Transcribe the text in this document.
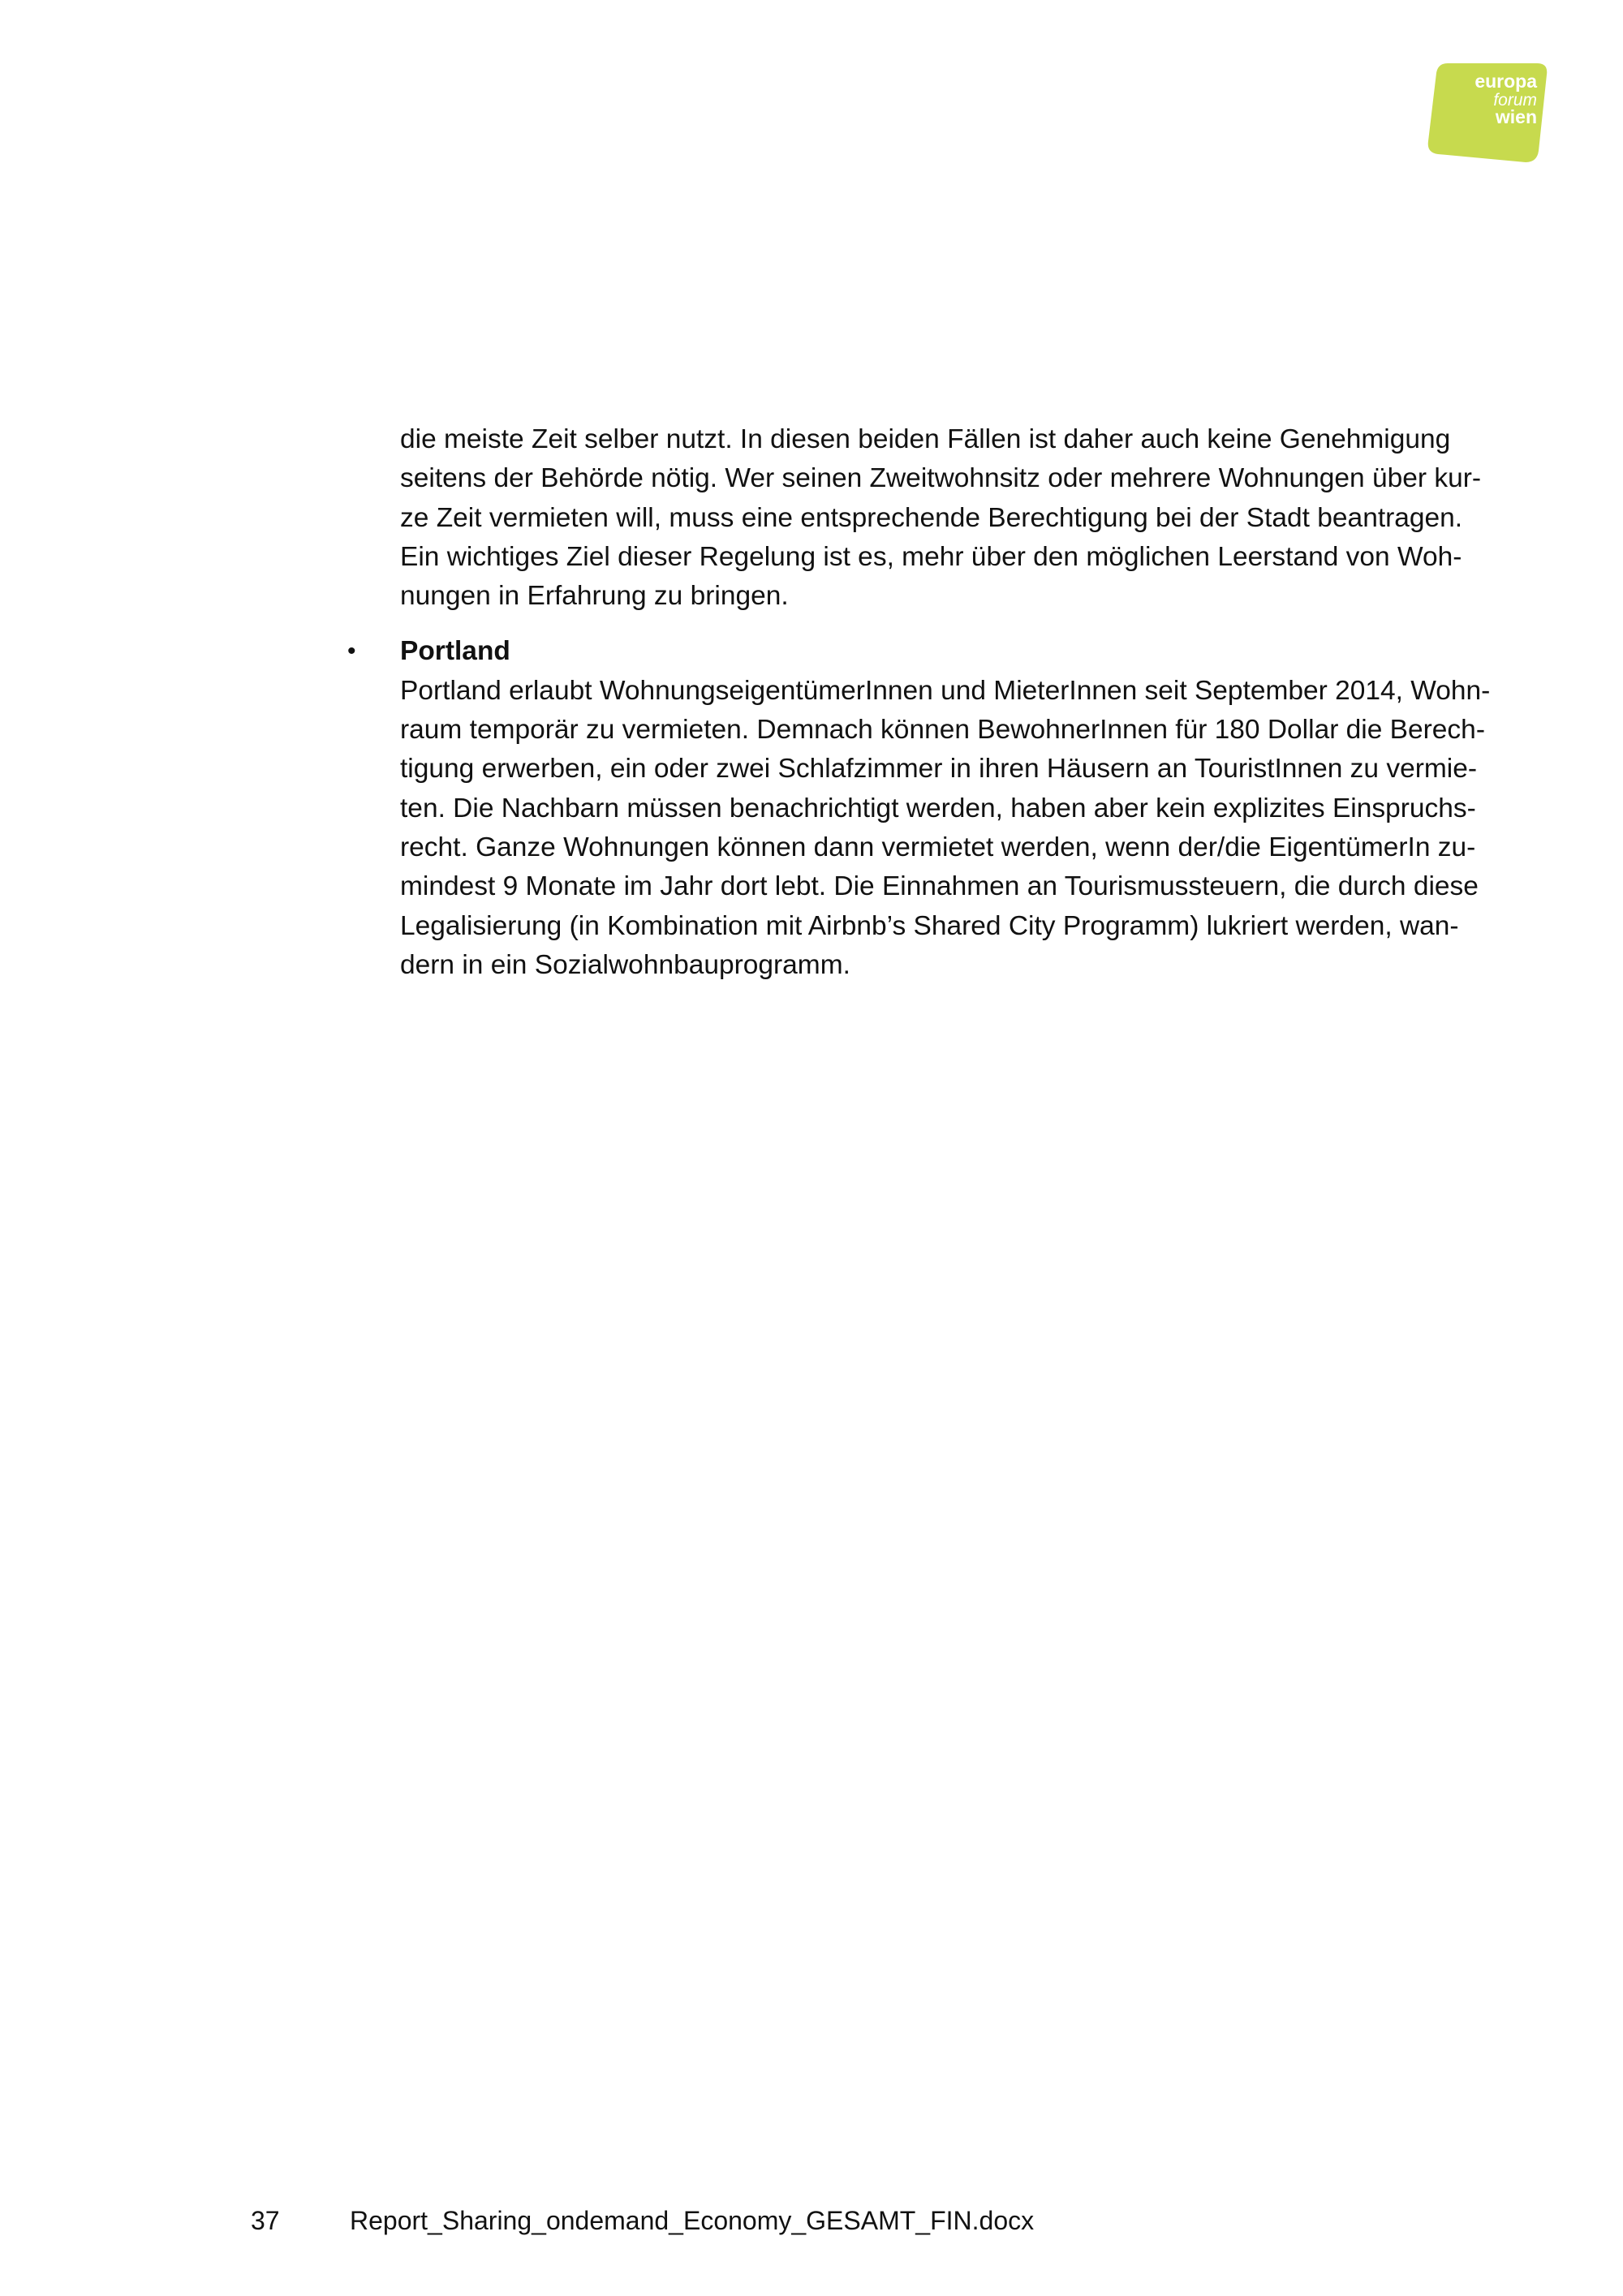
europa
forum
wien

die meiste Zeit selber nutzt. In diesen beiden Fällen ist daher auch keine Genehmigung
seitens der Behörde nötig. Wer seinen Zweitwohnsitz oder mehrere Wohnungen über kur-
ze Zeit vermieten will, muss eine entsprechende Berechtigung bei der Stadt beantragen.
Ein wichtiges Ziel dieser Regelung ist es, mehr über den möglichen Leerstand von Woh-
nungen in Erfahrung zu bringen.

• Portland
Portland erlaubt WohnungseigentümerInnen und MieterInnen seit September 2014, Wohn-
raum temporär zu vermieten. Demnach können BewohnerInnen für 180 Dollar die Berech-
tigung erwerben, ein oder zwei Schlafzimmer in ihren Häusern an TouristInnen zu vermie-
ten. Die Nachbarn müssen benachrichtigt werden, haben aber kein explizites Einspruchs-
recht. Ganze Wohnungen können dann vermietet werden, wenn der/die EigentümerIn zu-
mindest 9 Monate im Jahr dort lebt. Die Einnahmen an Tourismussteuern, die durch diese
Legalisierung (in Kombination mit Airbnb’s Shared City Programm) lukriert werden, wan-
dern in ein Sozialwohnbauprogramm.
37	Report_Sharing_ondemand_Economy_GESAMT_FIN.docx
